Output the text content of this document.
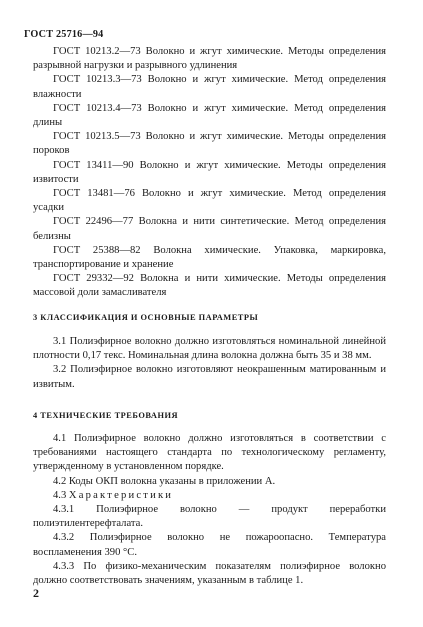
ГОСТ 25716—94

ГОСТ 10213.2—73 Волокно и жгут химические. Методы определения разрывной нагрузки и разрывного удлинения

ГОСТ 10213.3—73 Волокно и жгут химические. Метод определения влажности

ГОСТ 10213.4—73 Волокно и жгут химические. Метод определения длины

ГОСТ 10213.5—73 Волокно и жгут химические. Методы определения пороков

ГОСТ 13411—90 Волокно и жгут химические. Методы определения извитости

ГОСТ 13481—76 Волокно и жгут химические. Метод определения усадки

ГОСТ 22496—77 Волокна и нити синтетические. Метод определения белизны

ГОСТ 25388—82 Волокна химические. Упаковка, маркировка, транспортирование и хранение

ГОСТ 29332—92 Волокна и нити химические. Методы определения массовой доли замасливателя

3 КЛАССИФИКАЦИЯ И ОСНОВНЫЕ ПАРАМЕТРЫ

3.1 Полиэфирное волокно должно изготовляться номинальной линейной плотности 0,17 текс. Номинальная длина волокна должна быть 35 и 38 мм.

3.2 Полиэфирное волокно изготовляют неокрашенным матированным и извитым.

4 ТЕХНИЧЕСКИЕ ТРЕБОВАНИЯ

4.1 Полиэфирное волокно должно изготовляться в соответствии с требованиями настоящего стандарта по технологическому регламенту, утвержденному в установленном порядке.

4.2 Коды ОКП волокна указаны в приложении А.

4.3 Характеристики

4.3.1 Полиэфирное волокно — продукт переработки полиэтилентерефталата.

4.3.2 Полиэфирное волокно не пожароопасно. Температура воспламенения 390 °С.

4.3.3 По физико-механическим показателям полиэфирное волокно должно соответствовать значениям, указанным в таблице 1.

2
